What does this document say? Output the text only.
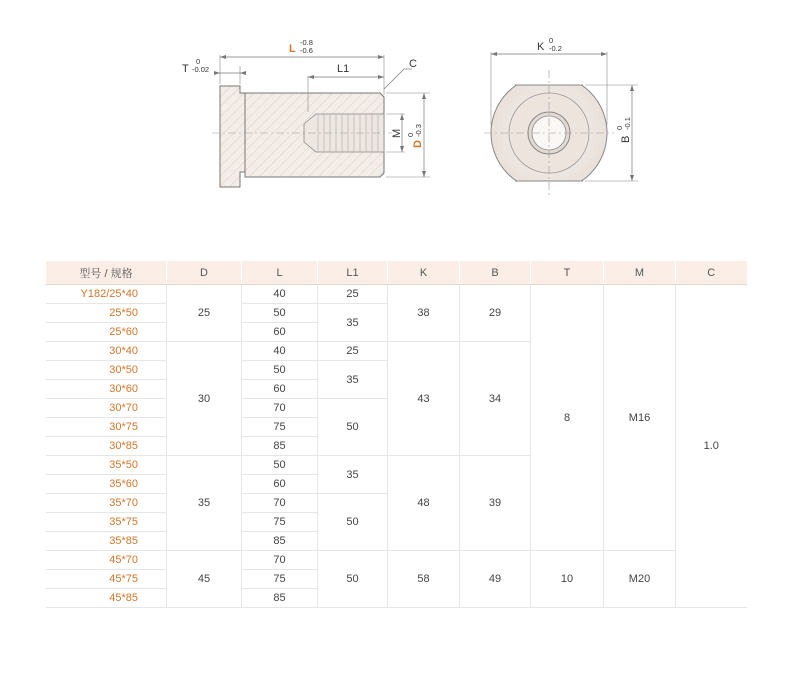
T
0
-0.02
L
-0.8
-0.6
L1	C
M
D
0 -0.3
K
0
-0.2
B
0 -0.1
型号 / 规格	D	L	L1	K	B	T	M	C
Y182/25*40	25	40	25	38	29	8	M16	1.0
25*50		50	35					
25*60		60						
30*40	30	40	25	43	34			
30*50		50	35					
30*60		60						
30*70		70	50					
30*75		75						
30*85		85						
35*50	35	50	35	48	39			
35*60		60						
35*70		70	50					
35*75		75						
35*85		85						
45*70	45	70	50	58	49	10	M20	
45*75		75						
45*85		85						
